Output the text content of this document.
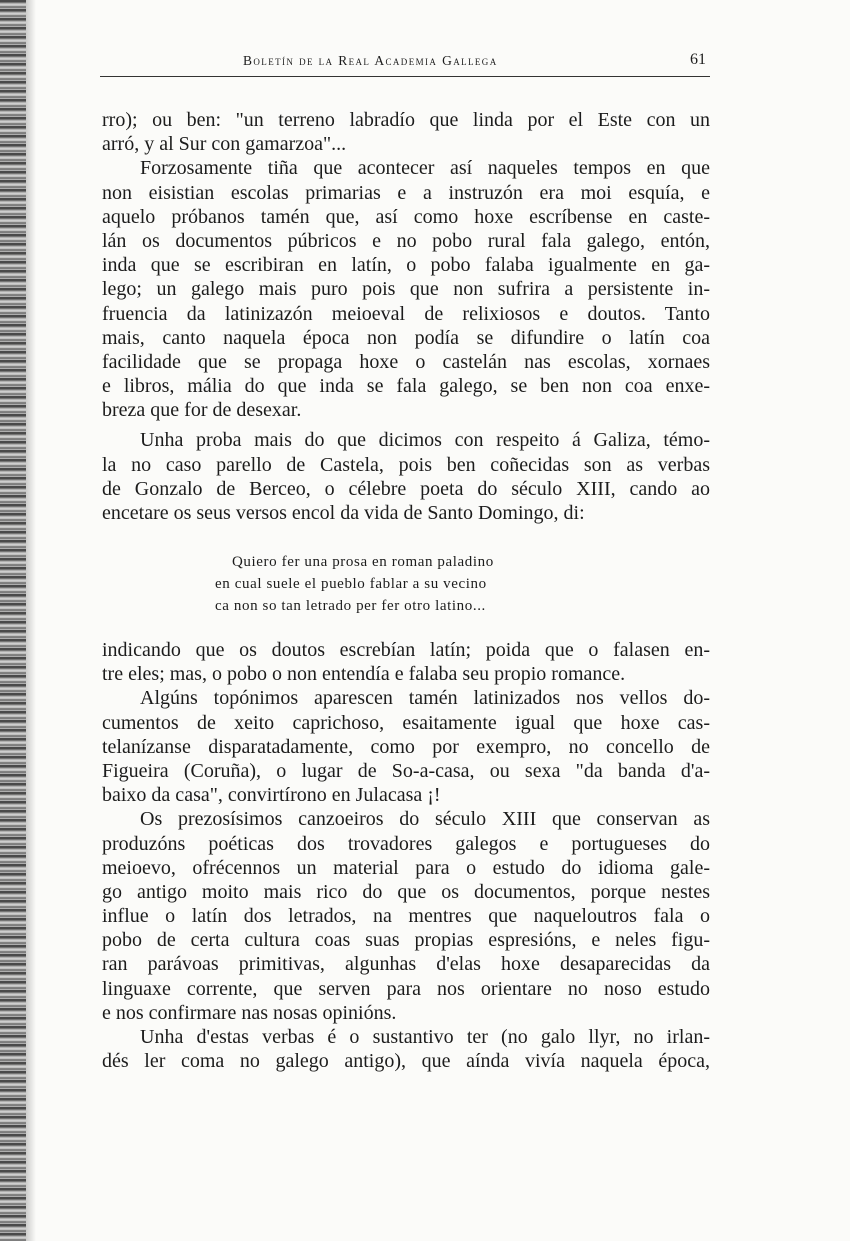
Boletín de la Real Academia Gallega	61
rro); ou ben: "un terreno labradío que linda por el Este con un
arró, y al Sur con gamarzoa"...
Forzosamente tiña que acontecer así naqueles tempos en que
non eisistian escolas primarias e a instruzón era moi esquía, e
aquelo próbanos tamén que, así como hoxe escríbense en caste-
lán os documentos púbricos e no pobo rural fala galego, entón,
inda que se escribiran en latín, o pobo falaba igualmente en ga-
lego; un galego mais puro pois que non sufrira a persistente in-
fruencia da latinizazón meioeval de relixiosos e doutos. Tanto
mais, canto naquela época non podía se difundire o latín coa
facilidade que se propaga hoxe o castelán nas escolas, xornaes
e libros, mália do que inda se fala galego, se ben non coa enxe-
breza que for de desexar.
Unha proba mais do que dicimos con respeito á Galiza, témo-
la no caso parello de Castela, pois ben coñecidas son as verbas
de Gonzalo de Berceo, o célebre poeta do século XIII, cando ao
encetare os seus versos encol da vida de Santo Domingo, di:
Quiero fer una prosa en roman paladino
en cual suele el pueblo fablar a su vecino
ca non so tan letrado per fer otro latino...
indicando que os doutos escrebían latín; poida que o falasen en-
tre eles; mas, o pobo o non entendía e falaba seu propio romance.
Algúns topónimos aparescen tamén latinizados nos vellos do-
cumentos de xeito caprichoso, esaitamente igual que hoxe cas-
telanízanse disparatadamente, como por exempro, no concello de
Figueira (Coruña), o lugar de So-a-casa, ou sexa "da banda d'a-
baixo da casa", convirtírono en Julacasa ¡!
Os prezosísimos canzoeiros do século XIII que conservan as
produzóns poéticas dos trovadores galegos e portugueses do
meioevo, ofrécennos un material para o estudo do idioma gale-
go antigo moito mais rico do que os documentos, porque nestes
influe o latín dos letrados, na mentres que naqueloutros fala o
pobo de certa cultura coas suas propias espresións, e neles figu-
ran parávoas primitivas, algunhas d'elas hoxe desaparecidas da
linguaxe corrente, que serven para nos orientare no noso estudo
e nos confirmare nas nosas opinións.
Unha d'estas verbas é o sustantivo ter (no galo llyr, no irlan-
dés ler coma no galego antigo), que aínda vivía naquela época,
